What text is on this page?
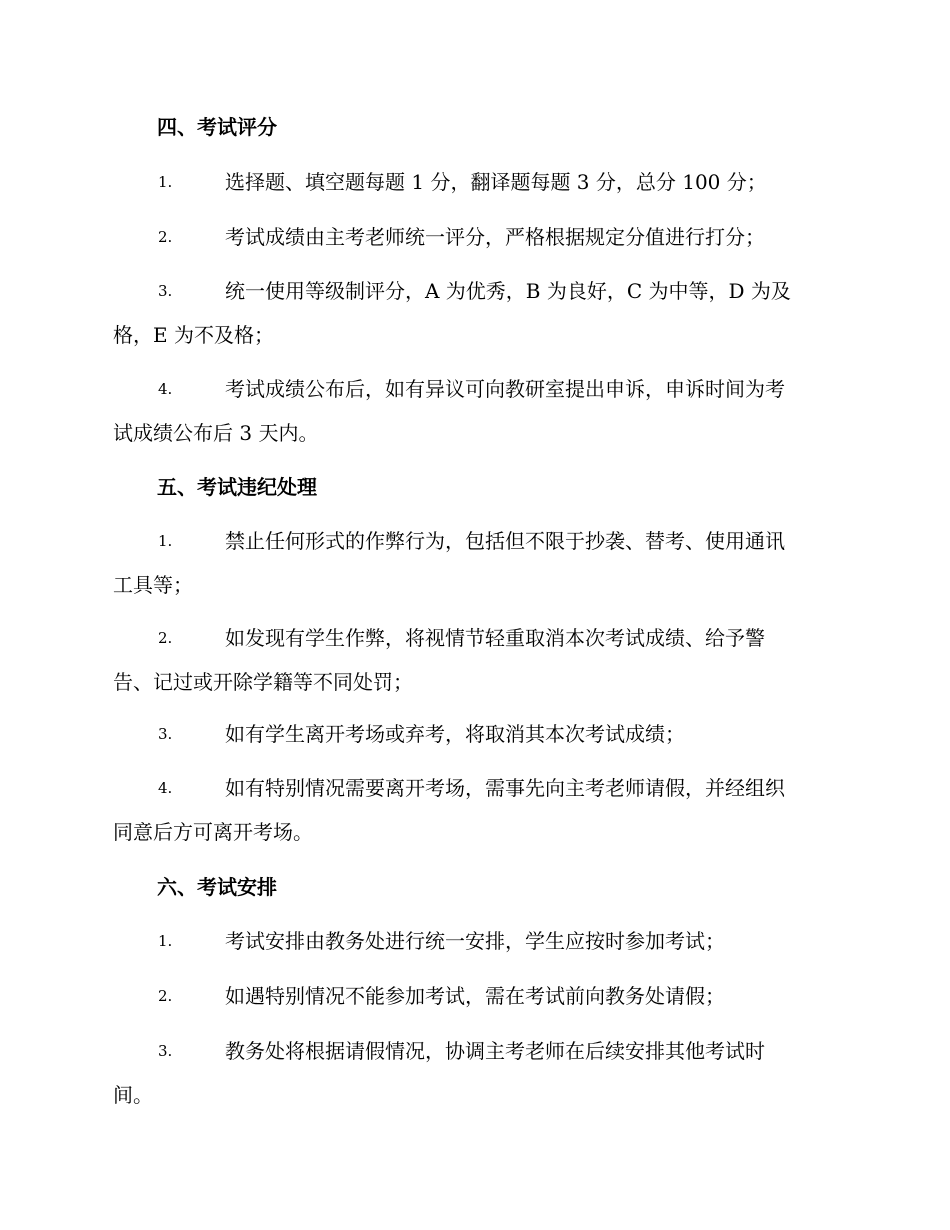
四、考试评分
1.	选择题、填空题每题 1 分，翻译题每题 3 分，总分 100 分；
2.	考试成绩由主考老师统一评分，严格根据规定分值进行打分；
3.	统一使用等级制评分，A 为优秀，B 为良好，C 为中等，D 为及
格，E 为不及格；
4.	考试成绩公布后，如有异议可向教研室提出申诉，申诉时间为考
试成绩公布后 3 天内。
五、考试违纪处理
1.	禁止任何形式的作弊行为，包括但不限于抄袭、替考、使用通讯
工具等；
2.	如发现有学生作弊，将视情节轻重取消本次考试成绩、给予警
告、记过或开除学籍等不同处罚；
3.	如有学生离开考场或弃考，将取消其本次考试成绩；
4.	如有特别情况需要离开考场，需事先向主考老师请假，并经组织
同意后方可离开考场。
六、考试安排
1.	考试安排由教务处进行统一安排，学生应按时参加考试；
2.	如遇特别情况不能参加考试，需在考试前向教务处请假；
3.	教务处将根据请假情况，协调主考老师在后续安排其他考试时
间。
